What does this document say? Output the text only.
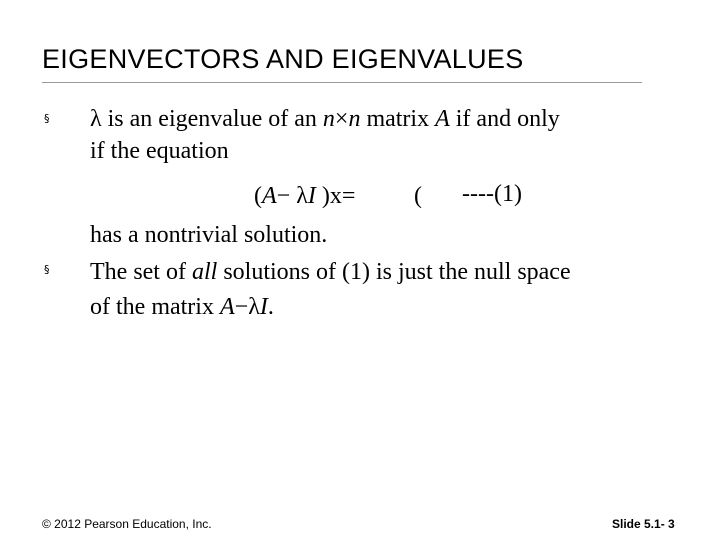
EIGENVECTORS AND EIGENVALUES
§ λ is an eigenvalue of an n×n matrix A if and only
if the equation
(A− λI )x= ( ----(1)
has a nontrivial solution.
§ The set of all solutions of (1) is just the null space
of the matrix A−λI.
© 2012 Pearson Education, Inc.	Slide 5.1- 3
